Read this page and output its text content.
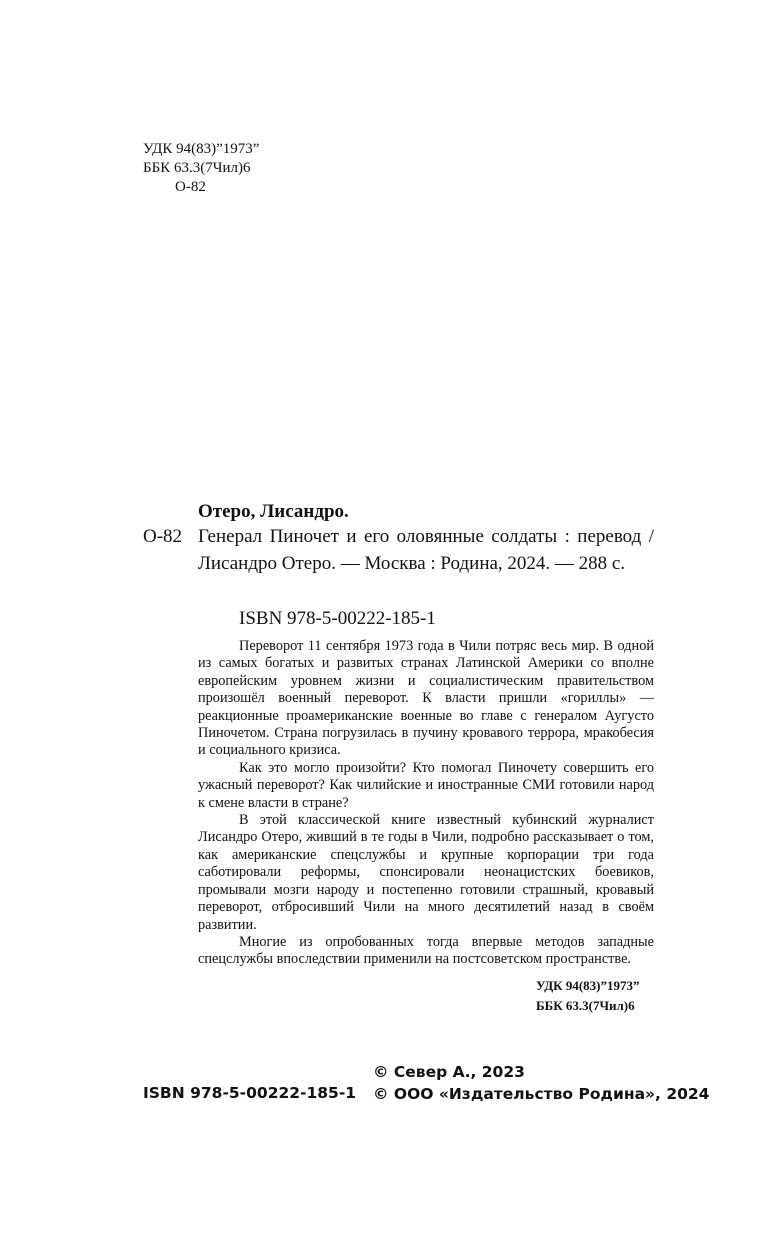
УДК 94(83)”1973”
ББК 63.3(7Чил)6
О-82
Отеро, Лисандро.
О-82 Генерал Пиночет и его оловянные солдаты : перевод / Лисандро Отеро. — Москва : Родина, 2024. — 288 с.
ISBN 978-5-00222-185-1

Переворот 11 сентября 1973 года в Чили потряс весь мир. В одной из самых богатых и развитых странах Латинской Америки со вполне европейским уровнем жизни и социалистическим правительством произошёл военный переворот. К власти пришли «гориллы» — реакционные проамериканские военные во главе с генералом Аугусто Пиночетом. Страна погрузилась в пучину кровавого террора, мракобесия и социального кризиса.

Как это могло произойти? Кто помогал Пиночету совершить его ужасный переворот? Как чилийские и иностранные СМИ готовили народ к смене власти в стране?

В этой классической книге известный кубинский журналист Лисандро Отеро, живший в те годы в Чили, подробно рассказывает о том, как американские спецслужбы и крупные корпорации три года саботировали реформы, спонсировали неонацистских боевиков, промывали мозги народу и постепенно готовили страшный, кровавый переворот, отбросивший Чили на много десятилетий назад в своём развитии.

Многие из опробованных тогда впервые методов западные спецслужбы впоследствии применили на постсоветском пространстве.

УДК 94(83)”1973”
ББК 63.3(7Чил)6
ISBN 978-5-00222-185-1
© Север А., 2023
© ООО «Издательство Родина», 2024
